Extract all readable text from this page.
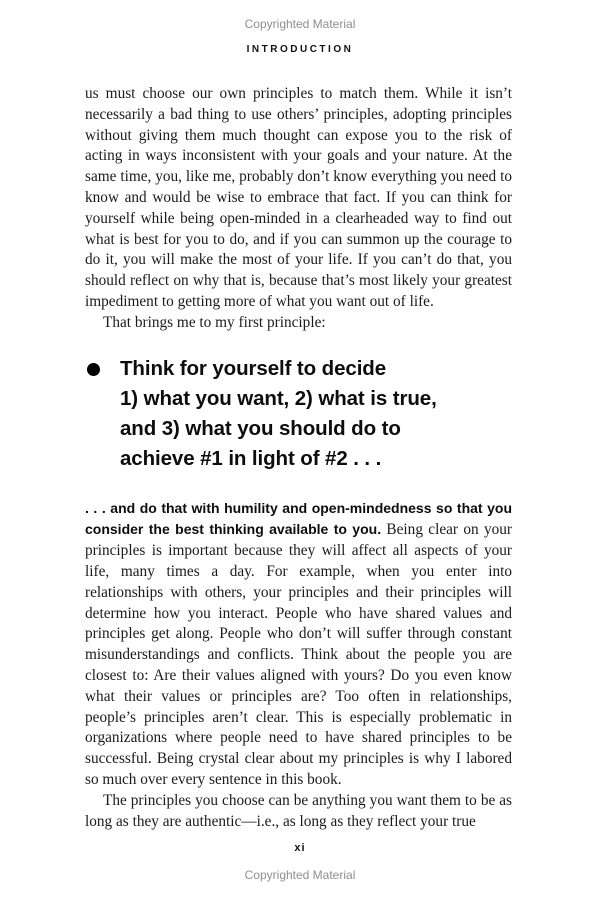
Copyrighted Material
INTRODUCTION

us must choose our own principles to match them. While it isn’t necessarily a bad thing to use others’ principles, adopting principles without giving them much thought can expose you to the risk of acting in ways inconsistent with your goals and your nature. At the same time, you, like me, probably don’t know everything you need to know and would be wise to embrace that fact. If you can think for yourself while being open-minded in a clearheaded way to find out what is best for you to do, and if you can summon up the courage to do it, you will make the most of your life. If you can’t do that, you should reflect on why that is, because that’s most likely your greatest impediment to getting more of what you want out of life.

That brings me to my first principle:

Think for yourself to decide
1) what you want, 2) what is true,
and 3) what you should do to
achieve #1 in light of #2 . . .

. . . and do that with humility and open-mindedness so that you consider the best thinking available to you. Being clear on your principles is important because they will affect all aspects of your life, many times a day. For example, when you enter into relationships with others, your principles and their principles will determine how you interact. People who have shared values and principles get along. People who don’t will suffer through constant misunderstandings and conflicts. Think about the people you are closest to: Are their values aligned with yours? Do you even know what their values or principles are? Too often in relationships, people’s principles aren’t clear. This is especially problematic in organizations where people need to have shared principles to be successful. Being crystal clear about my principles is why I labored so much over every sentence in this book.

The principles you choose can be anything you want them to be as long as they are authentic—i.e., as long as they reflect your true

xi
Copyrighted Material
